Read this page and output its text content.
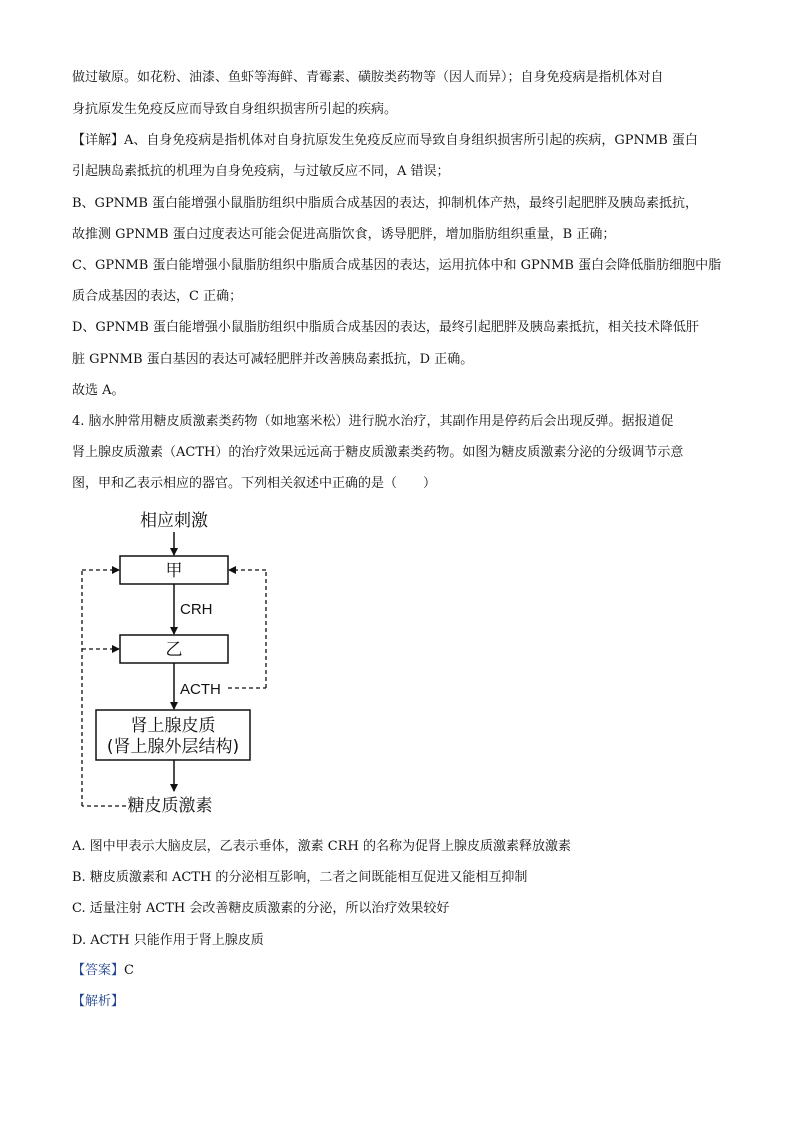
做过敏原。如花粉、油漆、鱼虾等海鲜、青霉素、磺胺类药物等（因人而异）；自身免疫病是指机体对自
身抗原发生免疫反应而导致自身组织损害所引起的疾病。
【详解】A、自身免疫病是指机体对自身抗原发生免疫反应而导致自身组织损害所引起的疾病，GPNMB 蛋白
引起胰岛素抵抗的机理为自身免疫病，与过敏反应不同，A 错误；
B、GPNMB 蛋白能增强小鼠脂肪组织中脂质合成基因的表达，抑制机体产热，最终引起肥胖及胰岛素抵抗，
故推测 GPNMB 蛋白过度表达可能会促进高脂饮食，诱导肥胖，增加脂肪组织重量，B 正确；
C、GPNMB 蛋白能增强小鼠脂肪组织中脂质合成基因的表达，运用抗体中和 GPNMB 蛋白会降低脂肪细胞中脂
质合成基因的表达，C 正确；
D、GPNMB 蛋白能增强小鼠脂肪组织中脂质合成基因的表达，最终引起肥胖及胰岛素抵抗，相关技术降低肝
脏 GPNMB 蛋白基因的表达可减轻肥胖并改善胰岛素抵抗，D 正确。
故选 A。
4. 脑水肿常用糖皮质激素类药物（如地塞米松）进行脱水治疗，其副作用是停药后会出现反弹。据报道促
肾上腺皮质激素（ACTH）的治疗效果远远高于糖皮质激素类药物。如图为糖皮质激素分泌的分级调节示意
图，甲和乙表示相应的器官。下列相关叙述中正确的是（　　）
相应刺激
甲
CRH
乙
ACTH
肾上腺皮质
(肾上腺外层结构)
糖皮质激素
A. 图中甲表示大脑皮层，乙表示垂体，激素 CRH 的名称为促肾上腺皮质激素释放激素
B. 糖皮质激素和 ACTH 的分泌相互影响，二者之间既能相互促进又能相互抑制
C. 适量注射 ACTH 会改善糖皮质激素的分泌，所以治疗效果较好
D. ACTH 只能作用于肾上腺皮质
【答案】C
【解析】
